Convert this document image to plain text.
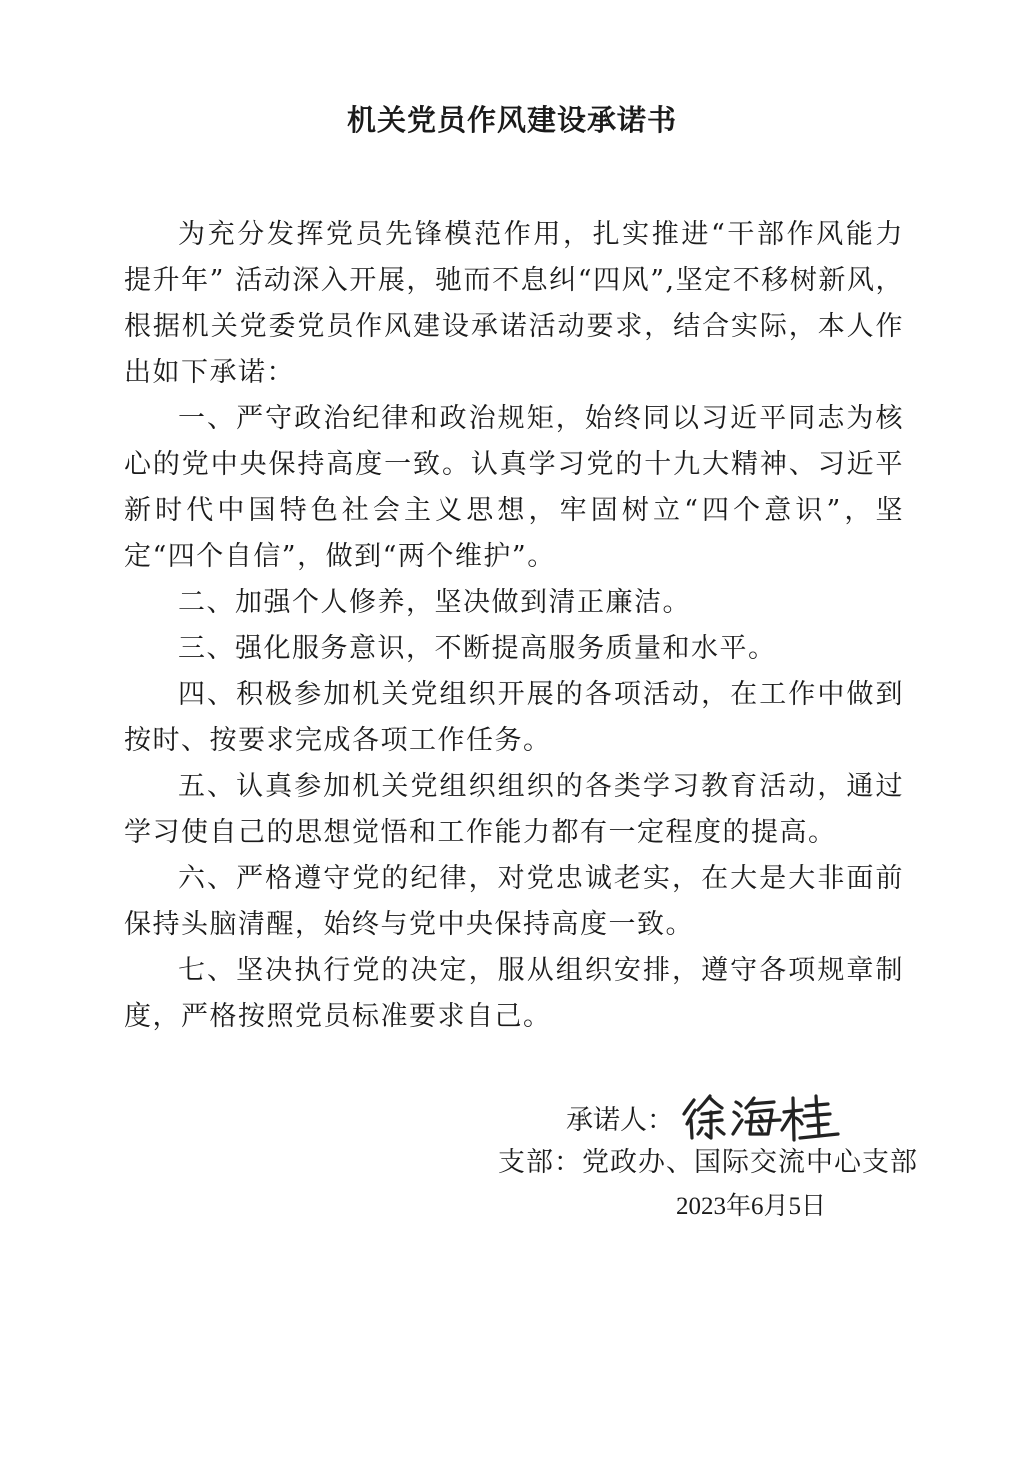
机关党员作风建设承诺书

为充分发挥党员先锋模范作用，扎实推进“干部作风能力提升年” 活动深入开展，驰而不息纠“四风”,坚定不移树新风，根据机关党委党员作风建设承诺活动要求，结合实际，本人作出如下承诺：

一、严守政治纪律和政治规矩，始终同以习近平同志为核心的党中央保持高度一致。认真学习党的十九大精神、习近平新时代中国特色社会主义思想，牢固树立“四个意识”，坚定“四个自信”，做到“两个维护”。

二、加强个人修养，坚决做到清正廉洁。

三、强化服务意识，不断提高服务质量和水平。

四、积极参加机关党组织开展的各项活动，在工作中做到按时、按要求完成各项工作任务。

五、认真参加机关党组织组织的各类学习教育活动，通过学习使自己的思想觉悟和工作能力都有一定程度的提高。

六、严格遵守党的纪律，对党忠诚老实，在大是大非面前保持头脑清醒，始终与党中央保持高度一致。

七、坚决执行党的决定，服从组织安排，遵守各项规章制度，严格按照党员标准要求自己。

承诺人：
支部：党政办、国际交流中心支部
2023年6月5日
